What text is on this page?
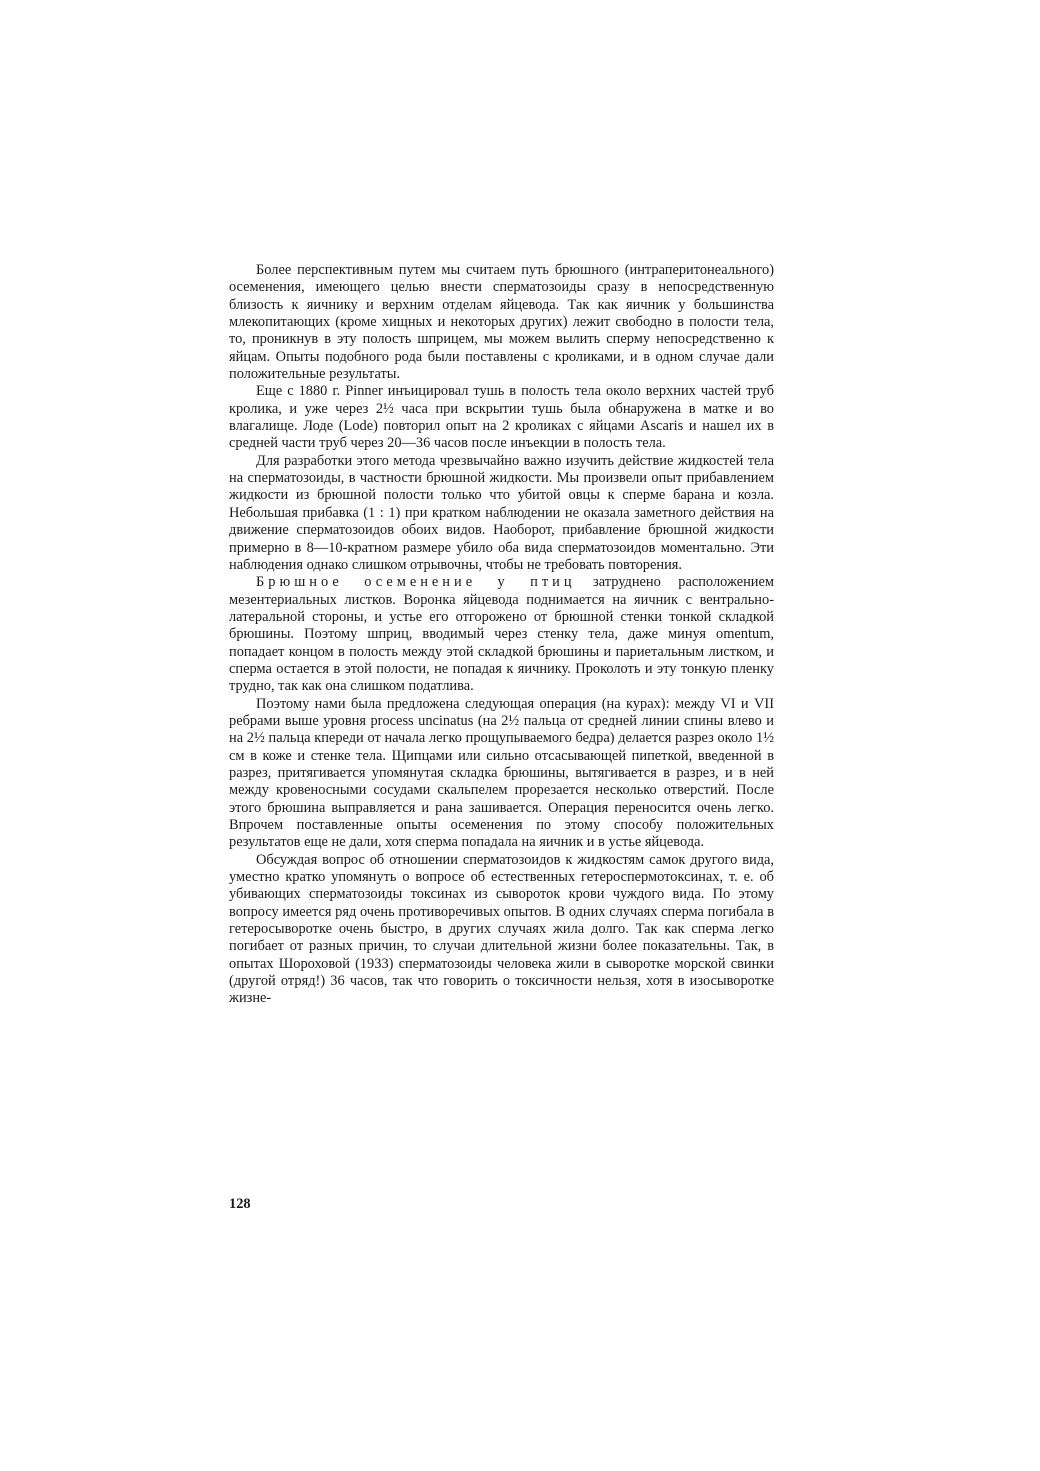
Более перспективным путем мы считаем путь брюшного (интраперитонеального) осеменения, имеющего целью внести сперматозоиды сразу в непосредственную близость к яичнику и верхним отделам яйцевода. Так как яичник у большинства млекопитающих (кроме хищных и некоторых других) лежит свободно в полости тела, то, проникнув в эту полость шприцем, мы можем вылить сперму непосредственно к яйцам. Опыты подобного рода были поставлены с кроликами, и в одном случае дали положительные результаты.

Еще с 1880 г. Pinner инъицировал тушь в полость тела около верхних частей труб кролика, и уже через 2½ часа при вскрытии тушь была обнаружена в матке и во влагалище. Лоде (Lode) повторил опыт на 2 кроликах с яйцами Ascaris и нашел их в средней части труб через 20—36 часов после инъекции в полость тела.

Для разработки этого метода чрезвычайно важно изучить действие жидкостей тела на сперматозоиды, в частности брюшной жидкости. Мы произвели опыт прибавлением жидкости из брюшной полости только что убитой овцы к сперме барана и козла. Небольшая прибавка (1 : 1) при кратком наблюдении не оказала заметного действия на движение сперматозоидов обоих видов. Наоборот, прибавление брюшной жидкости примерно в 8—10-кратном размере убило оба вида сперматозоидов моментально. Эти наблюдения однако слишком отрывочны, чтобы не требовать повторения.

Брюшное осеменение у птиц затруднено расположением мезентериальных листков. Воронка яйцевода поднимается на яичник с вентрально-латеральной стороны, и устье его отгорожено от брюшной стенки тонкой складкой брюшины. Поэтому шприц, вводимый через стенку тела, даже минуя omentum, попадает концом в полость между этой складкой брюшины и париетальным листком, и сперма остается в этой полости, не попадая к яичнику. Проколоть и эту тонкую пленку трудно, так как она слишком податлива.

Поэтому нами была предложена следующая операция (на курах): между VI и VII ребрами выше уровня process uncinatus (на 2½ пальца от средней линии спины влево и на 2½ пальца кпереди от начала легко прощупываемого бедра) делается разрез около 1½ см в коже и стенке тела. Щипцами или сильно отсасывающей пипеткой, введенной в разрез, притягивается упомянутая складка брюшины, вытягивается в разрез, и в ней между кровеносными сосудами скальпелем прорезается несколько отверстий. После этого брюшина выправляется и рана зашивается. Операция переносится очень легко. Впрочем поставленные опыты осеменения по этому способу положительных результатов еще не дали, хотя сперма попадала на яичник и в устье яйцевода.

Обсуждая вопрос об отношении сперматозоидов к жидкостям самок другого вида, уместно кратко упомянуть о вопросе об естественных гетероспермотоксинах, т. е. об убивающих сперматозоиды токсинах из сывороток крови чуждого вида. По этому вопросу имеется ряд очень противоречивых опытов. В одних случаях сперма погибала в гетеросыворотке очень быстро, в других случаях жила долго. Так как сперма легко погибает от разных причин, то случаи длительной жизни более показательны. Так, в опытах Шороховой (1933) сперматозоиды человека жили в сыворотке морской свинки (другой отряд!) 36 часов, так что говорить о токсичности нельзя, хотя в изосыворотке жизне-

128
